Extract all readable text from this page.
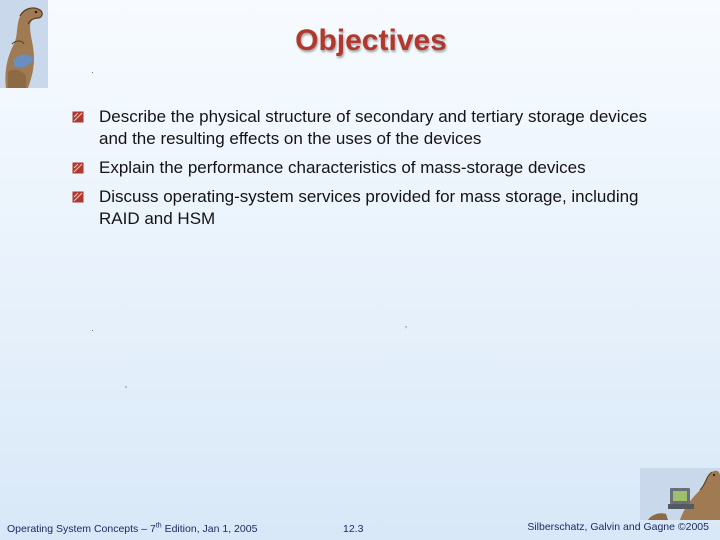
Objectives
Describe the physical structure of secondary and tertiary storage devices and the resulting effects on the uses of the devices
Explain the performance characteristics of mass-storage devices
Discuss operating-system services provided for mass storage, including RAID and HSM
·
·	ʼ
ʼ
Operating System Concepts – 7th Edition, Jan 1, 2005	12.3	Silberschatz, Galvin and Gagne ©2005
